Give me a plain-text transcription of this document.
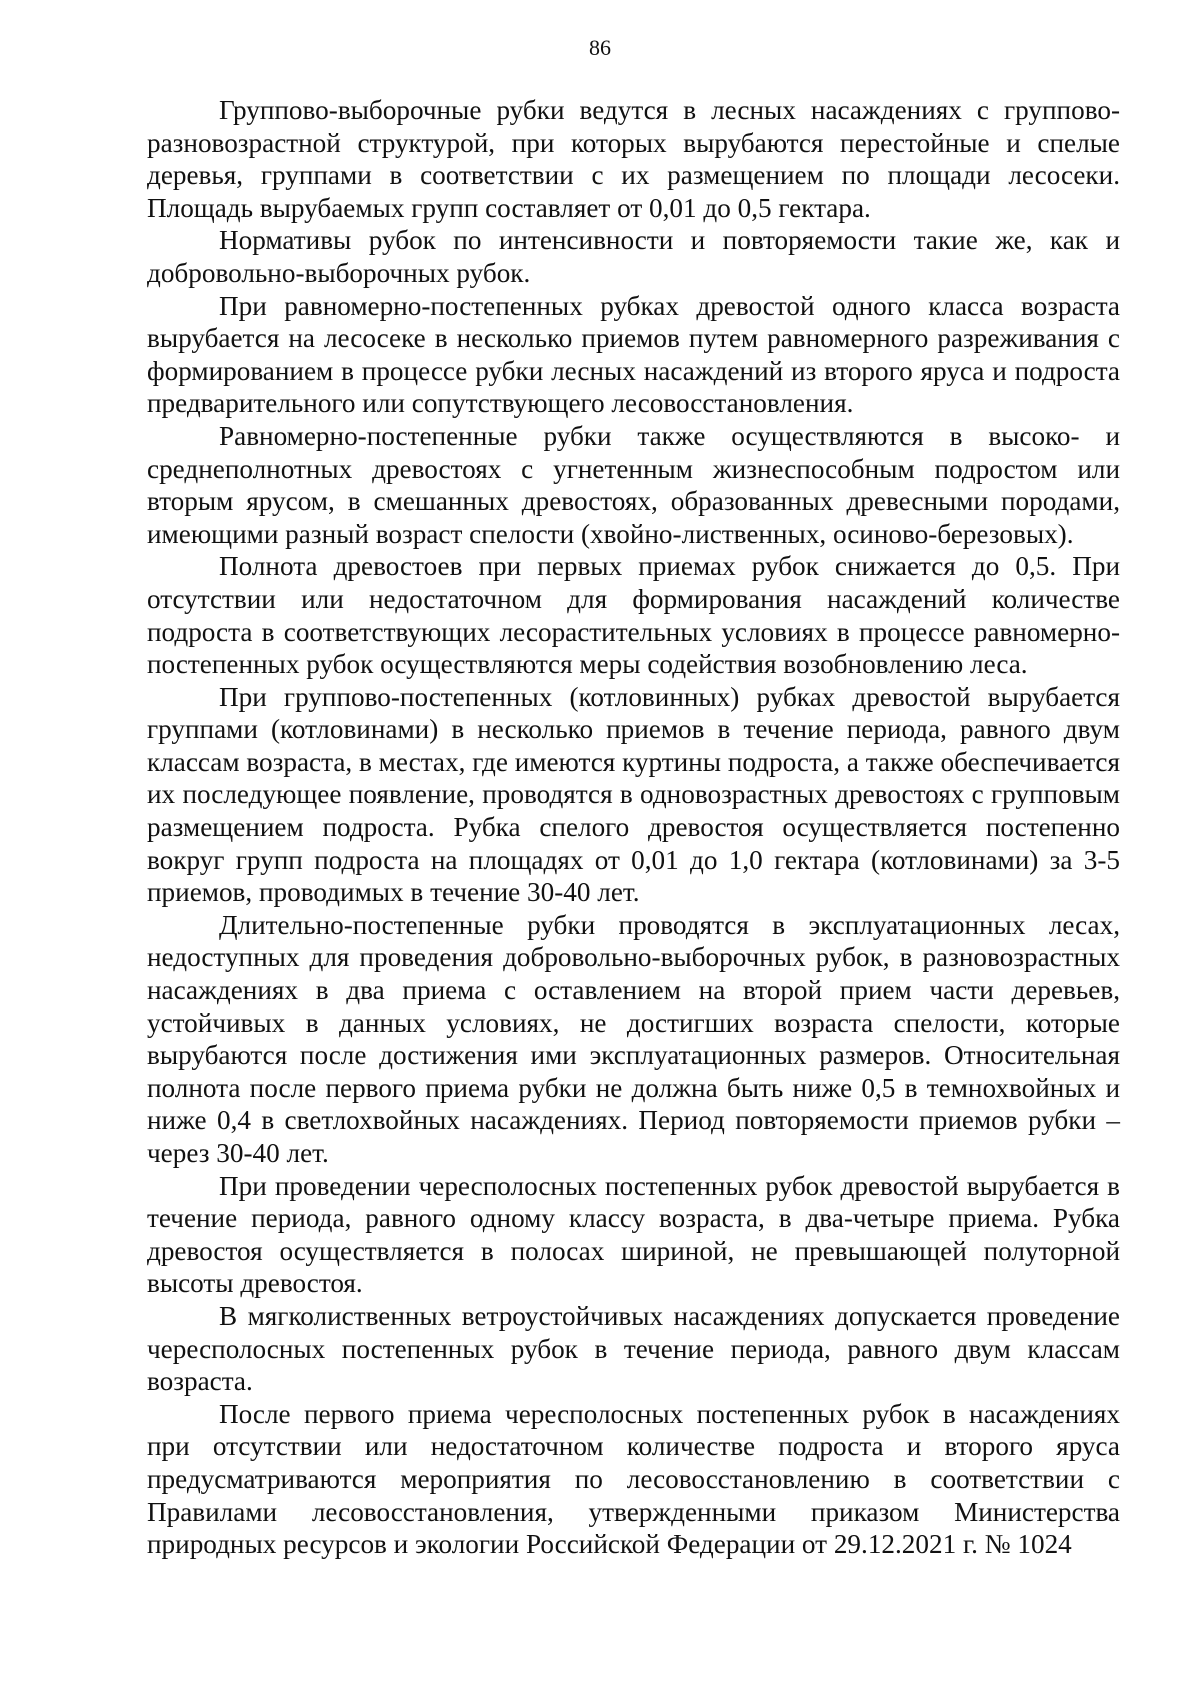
86

Группово-выборочные рубки ведутся в лесных насаждениях с группово-разновозрастной структурой, при которых вырубаются перестойные и спелые деревья, группами в соответствии с их размещением по площади лесосеки. Площадь вырубаемых групп составляет от 0,01 до 0,5 гектара.

Нормативы рубок по интенсивности и повторяемости такие же, как и добровольно-выборочных рубок.

При равномерно-постепенных рубках древостой одного класса возраста вырубается на лесосеке в несколько приемов путем равномерного разреживания с формированием в процессе рубки лесных насаждений из второго яруса и подроста предварительного или сопутствующего лесовосстановления.

Равномерно-постепенные рубки также осуществляются в высоко- и среднеполнотных древостоях с угнетенным жизнеспособным подростом или вторым ярусом, в смешанных древостоях, образованных древесными породами, имеющими разный возраст спелости (хвойно-лиственных, осиново-березовых).

Полнота древостоев при первых приемах рубок снижается до 0,5. При отсутствии или недостаточном для формирования насаждений количестве подроста в соответствующих лесорастительных условиях в процессе равномерно-постепенных рубок осуществляются меры содействия возобновлению леса.

При группово-постепенных (котловинных) рубках древостой вырубается группами (котловинами) в несколько приемов в течение периода, равного двум классам возраста, в местах, где имеются куртины подроста, а также обеспечивается их последующее появление, проводятся в одновозрастных древостоях с групповым размещением подроста. Рубка спелого древостоя осуществляется постепенно вокруг групп подроста на площадях от 0,01 до 1,0 гектара (котловинами) за 3-5 приемов, проводимых в течение 30-40 лет.

Длительно-постепенные рубки проводятся в эксплуатационных лесах, недоступных для проведения добровольно-выборочных рубок, в разновозрастных насаждениях в два приема с оставлением на второй прием части деревьев, устойчивых в данных условиях, не достигших возраста спелости, которые вырубаются после достижения ими эксплуатационных размеров. Относительная полнота после первого приема рубки не должна быть ниже 0,5 в темнохвойных и ниже 0,4 в светлохвойных насаждениях. Период повторяемости приемов рубки – через 30-40 лет.

При проведении чересполосных постепенных рубок древостой вырубается в течение периода, равного одному классу возраста, в два-четыре приема. Рубка древостоя осуществляется в полосах шириной, не превышающей полуторной высоты древостоя.

В мягколиственных ветроустойчивых насаждениях допускается проведение чересполосных постепенных рубок в течение периода, равного двум классам возраста.

После первого приема чересполосных постепенных рубок в насаждениях при отсутствии или недостаточном количестве подроста и второго яруса предусматриваются мероприятия по лесовосстановлению в соответствии с Правилами лесовосстановления, утвержденными приказом Министерства природных ресурсов и экологии Российской Федерации от 29.12.2021 г. № 1024
